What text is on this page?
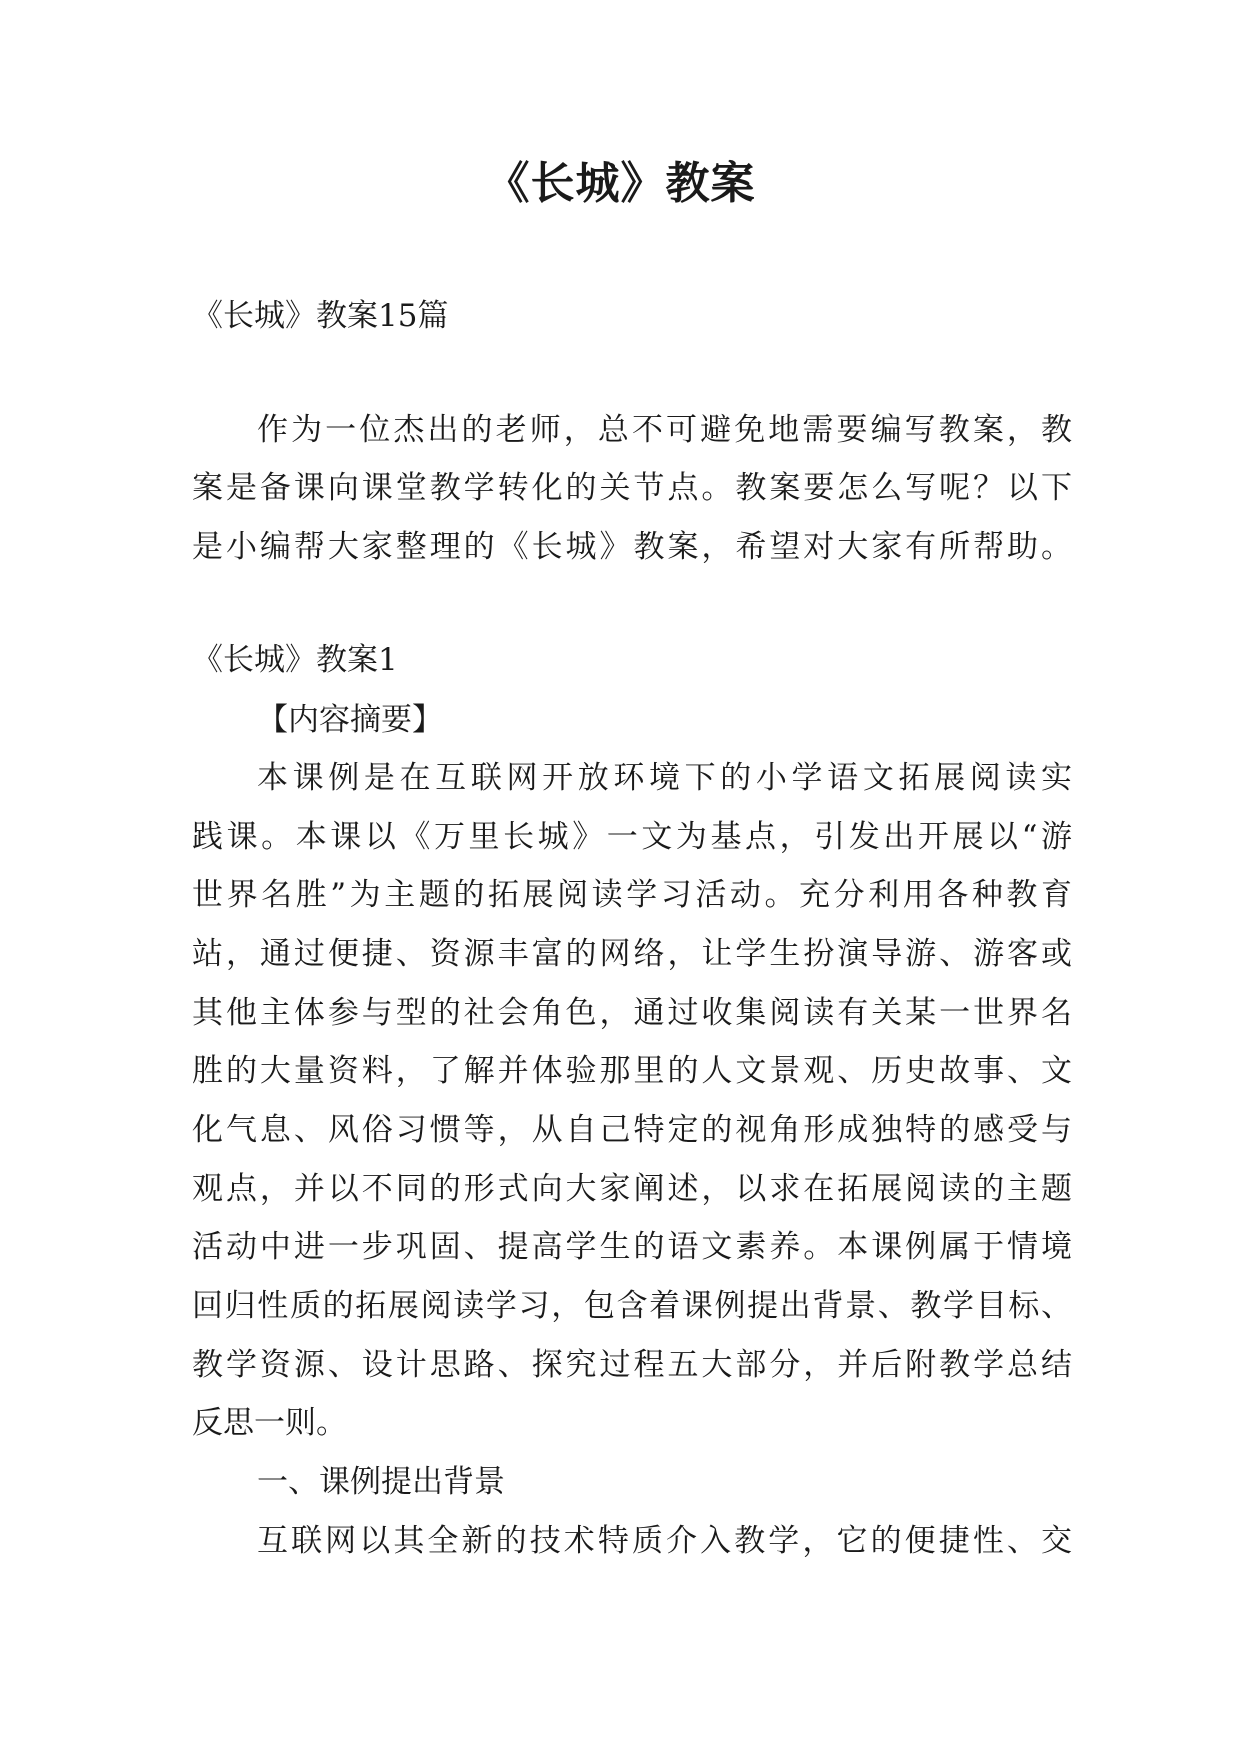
《长城》教案
《长城》教案15篇
作为一位杰出的老师，总不可避免地需要编写教案，教
案是备课向课堂教学转化的关节点。教案要怎么写呢？以下
是小编帮大家整理的《长城》教案，希望对大家有所帮助。
《长城》教案1
【内容摘要】
本课例是在互联网开放环境下的小学语文拓展阅读实
践课。本课以《万里长城》一文为基点，引发出开展以“游
世界名胜”为主题的拓展阅读学习活动。充分利用各种教育
站，通过便捷、资源丰富的网络，让学生扮演导游、游客或
其他主体参与型的社会角色，通过收集阅读有关某一世界名
胜的大量资料，了解并体验那里的人文景观、历史故事、文
化气息、风俗习惯等，从自己特定的视角形成独特的感受与
观点，并以不同的形式向大家阐述，以求在拓展阅读的主题
活动中进一步巩固、提高学生的语文素养。本课例属于情境
回归性质的拓展阅读学习，包含着课例提出背景、教学目标、
教学资源、设计思路、探究过程五大部分，并后附教学总结
反思一则。
一、课例提出背景
互联网以其全新的技术特质介入教学，它的便捷性、交
